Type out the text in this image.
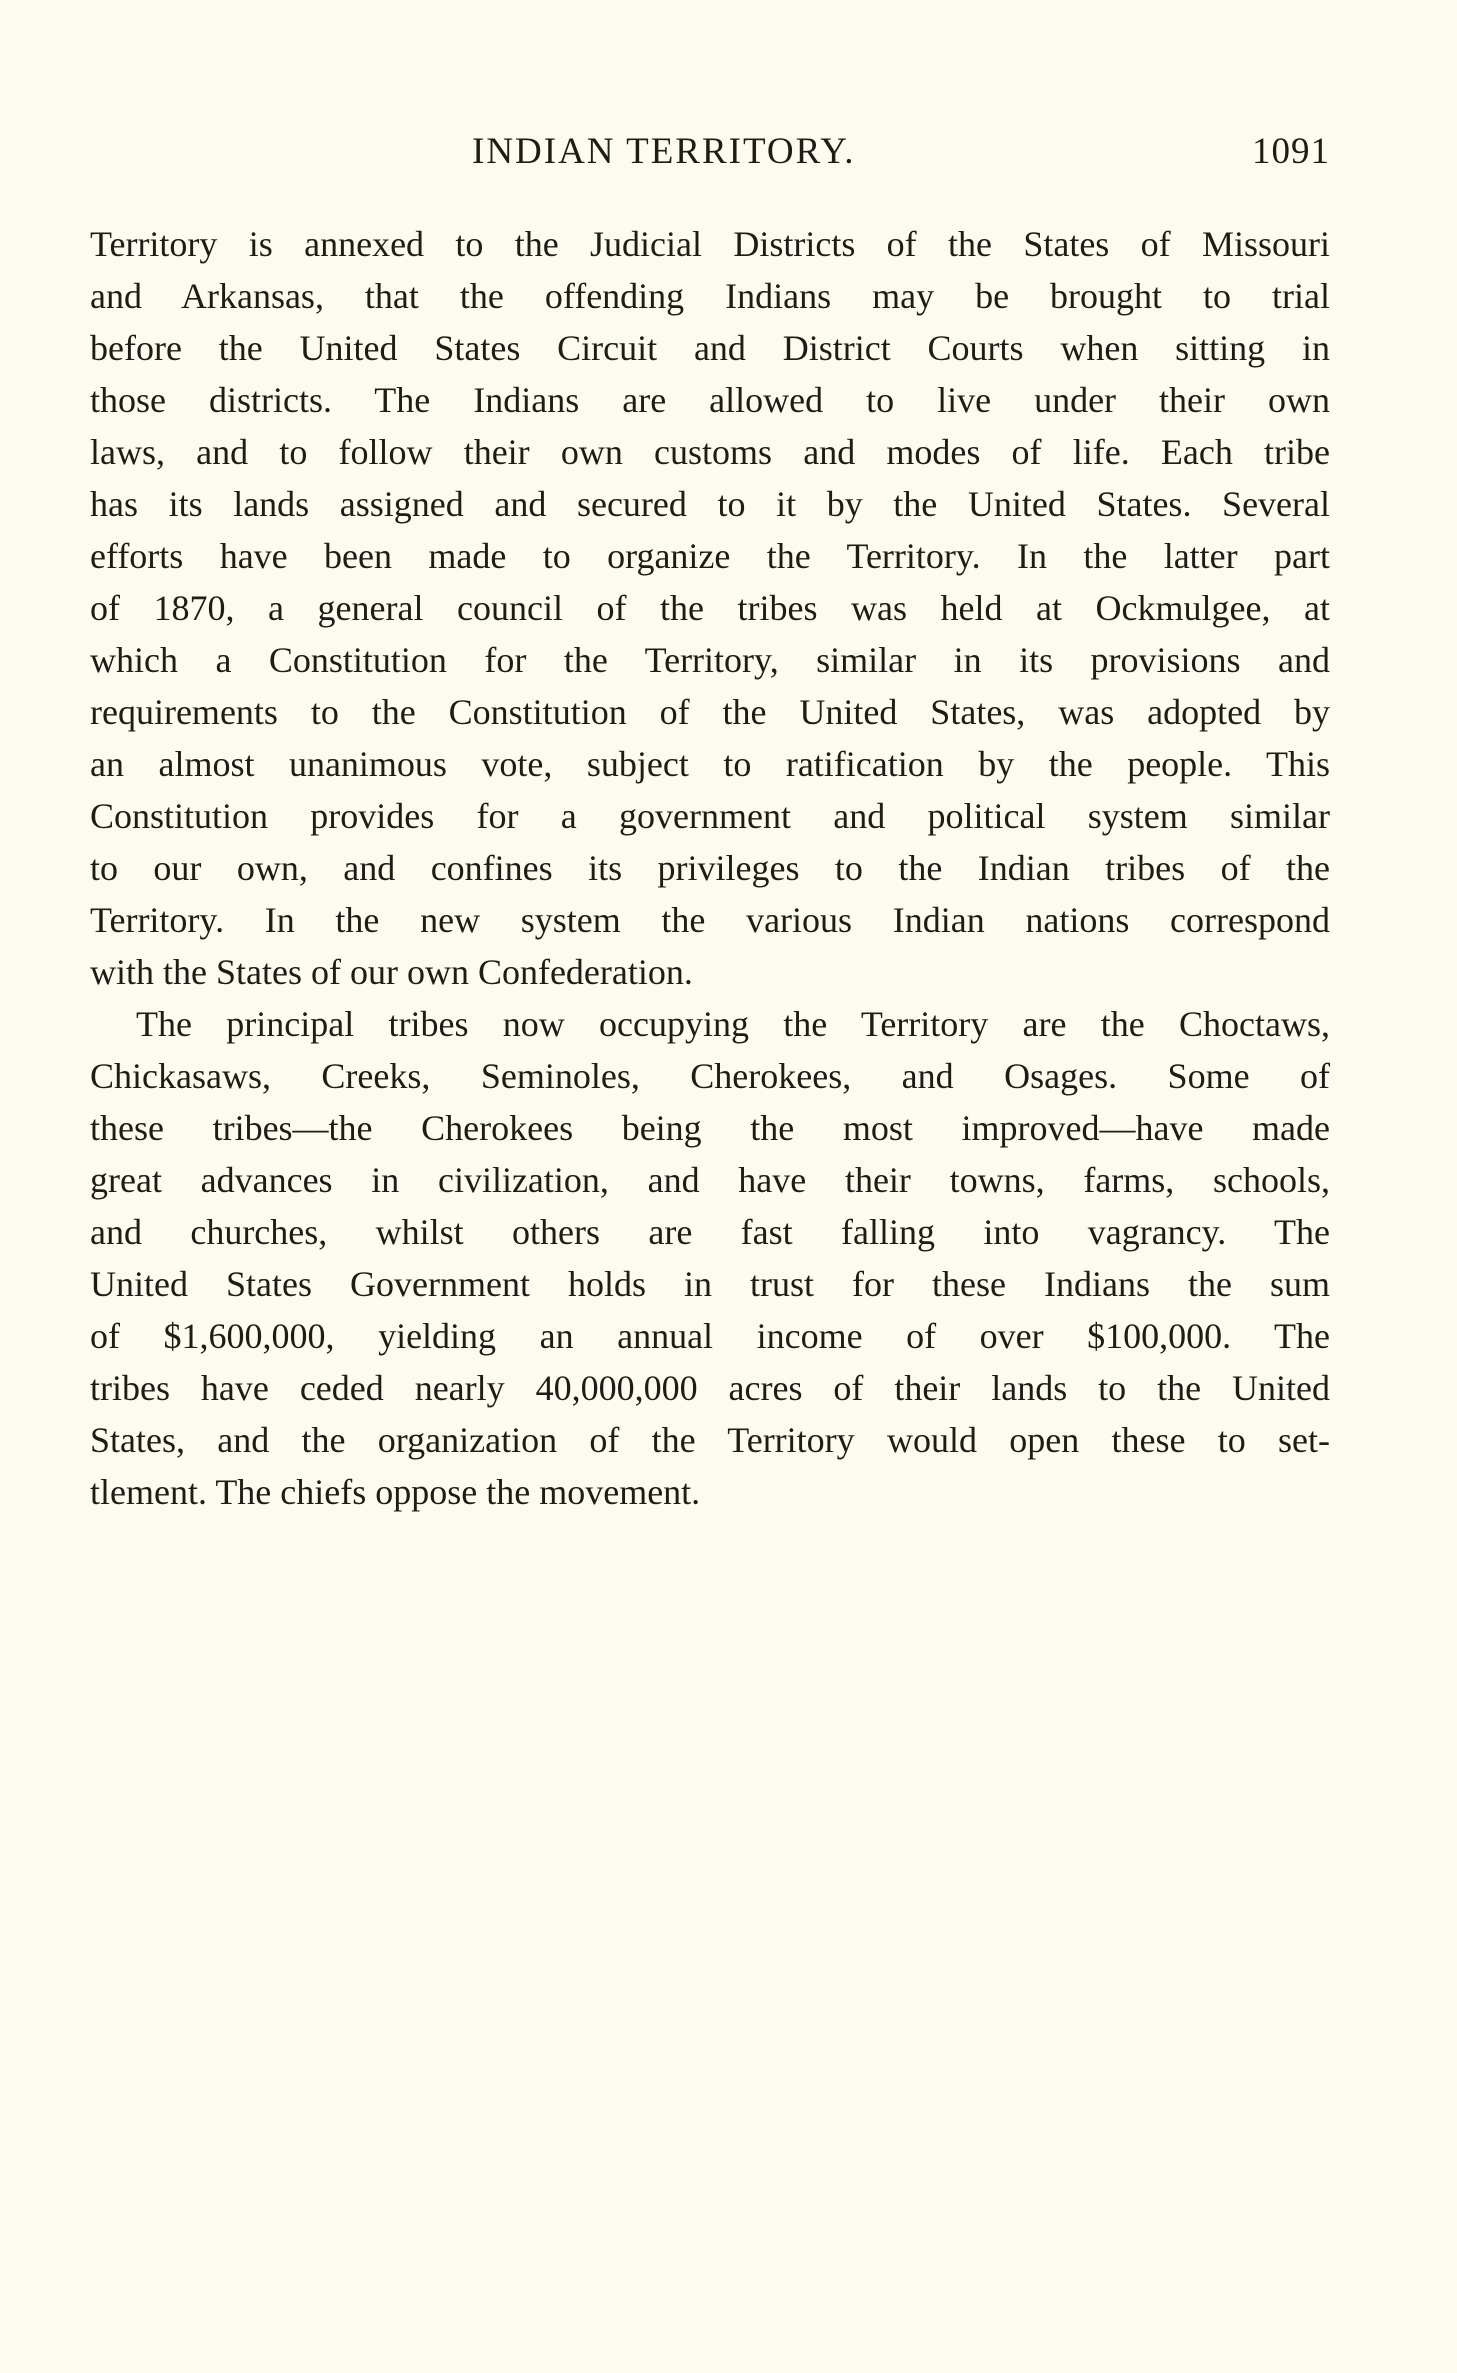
INDIAN TERRITORY.	1091
Territory is annexed to the Judicial Districts of the States of Missouri
and Arkansas, that the offending Indians may be brought to trial
before the United States Circuit and District Courts when sitting in
those districts. The Indians are allowed to live under their own
laws, and to follow their own customs and modes of life. Each tribe
has its lands assigned and secured to it by the United States. Several
efforts have been made to organize the Territory. In the latter part
of 1870, a general council of the tribes was held at Ockmulgee, at
which a Constitution for the Territory, similar in its provisions and
requirements to the Constitution of the United States, was adopted by
an almost unanimous vote, subject to ratification by the people. This
Constitution provides for a government and political system similar
to our own, and confines its privileges to the Indian tribes of the
Territory. In the new system the various Indian nations correspond
with the States of our own Confederation.
The principal tribes now occupying the Territory are the Choctaws,
Chickasaws, Creeks, Seminoles, Cherokees, and Osages. Some of
these tribes—the Cherokees being the most improved—have made
great advances in civilization, and have their towns, farms, schools,
and churches, whilst others are fast falling into vagrancy. The
United States Government holds in trust for these Indians the sum
of $1,600,000, yielding an annual income of over $100,000. The
tribes have ceded nearly 40,000,000 acres of their lands to the United
States, and the organization of the Territory would open these to set-
tlement. The chiefs oppose the movement.
